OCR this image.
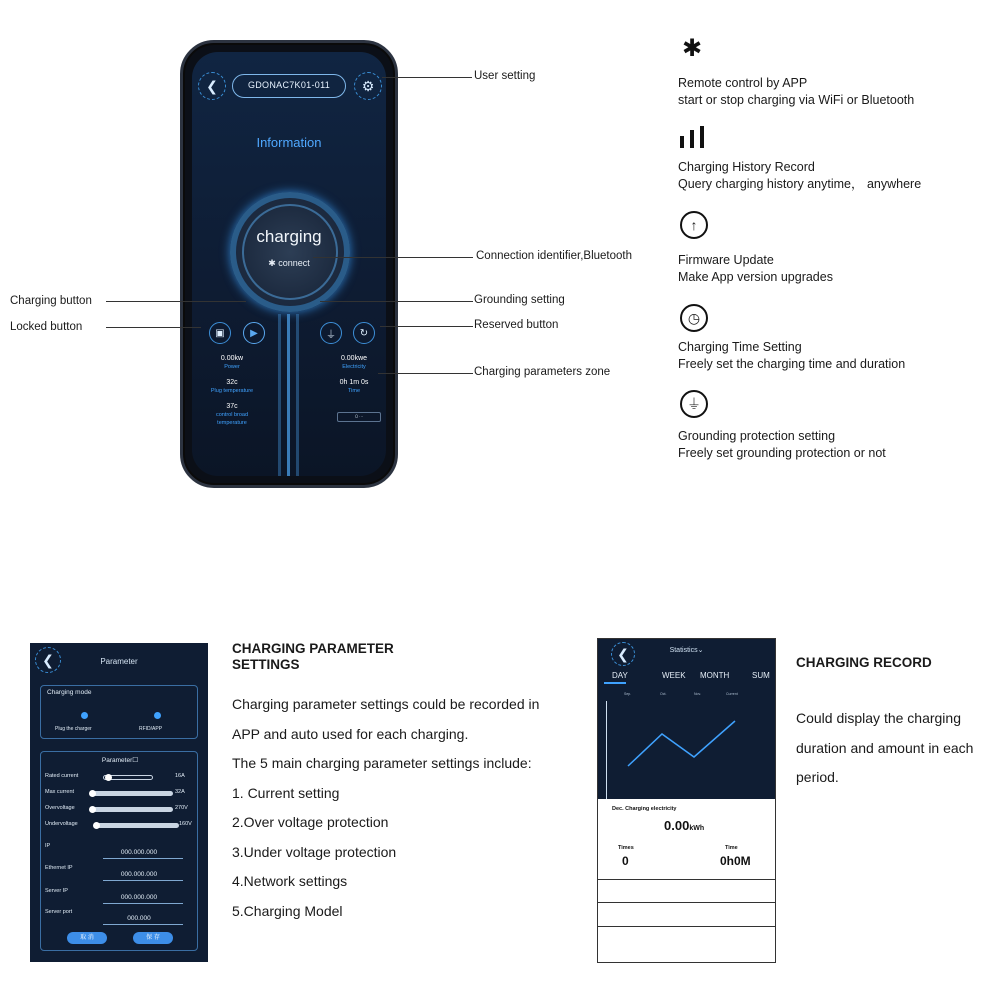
❮	GDONAC7K01-011	⚙
Information
charging
✱ connect
▣	▶	⏚ ↻
0.00kw
Power
32c
Plug temperature
37c
control broad temperature
0.00kwe
Electricity
0h 1m 0s
Time
ꄲ ···
User setting
Connection identifier,Bluetooth
Charging button
Locked button
Grounding setting
Reserved button
Charging parameters zone
✱
Remote control by APP
start or stop charging via WiFi or Bluetooth
Charging History Record
Query charging history anytime， anywhere
↑
Firmware Update
Make App version upgrades
◷
Charging Time Setting
Freely set the charging time and duration
⏚
Grounding protection setting
Freely set grounding protection or not
❮	Parameter
Charging mode
Plug the charger	RFID/APP
Parameter☐
Rated current	16A
Max current	32A
Overvoltage	270V
Undervoltage	160V
IP
000.000.000
Ethernet IP
000.000.000
Server IP
000.000.000
Server port
000.000
取 消	保 存
CHARGING PARAMETER
SETTINGS
Charging parameter settings could be recorded in
APP and auto used for each charging.
The 5 main charging parameter settings include:
1. Current setting
2.Over voltage protection
3.Under voltage protection
4.Network settings
5.Charging Model
❮	Statistics⌄
DAY	WEEK MONTH	SUM
Sep.	Oct.	Nov.	Current
Dec. Charging electricity
0.00kWh
Times
0
Time
0h0M
CHARGING RECORD
Could display the charging
duration and amount in each
period.
